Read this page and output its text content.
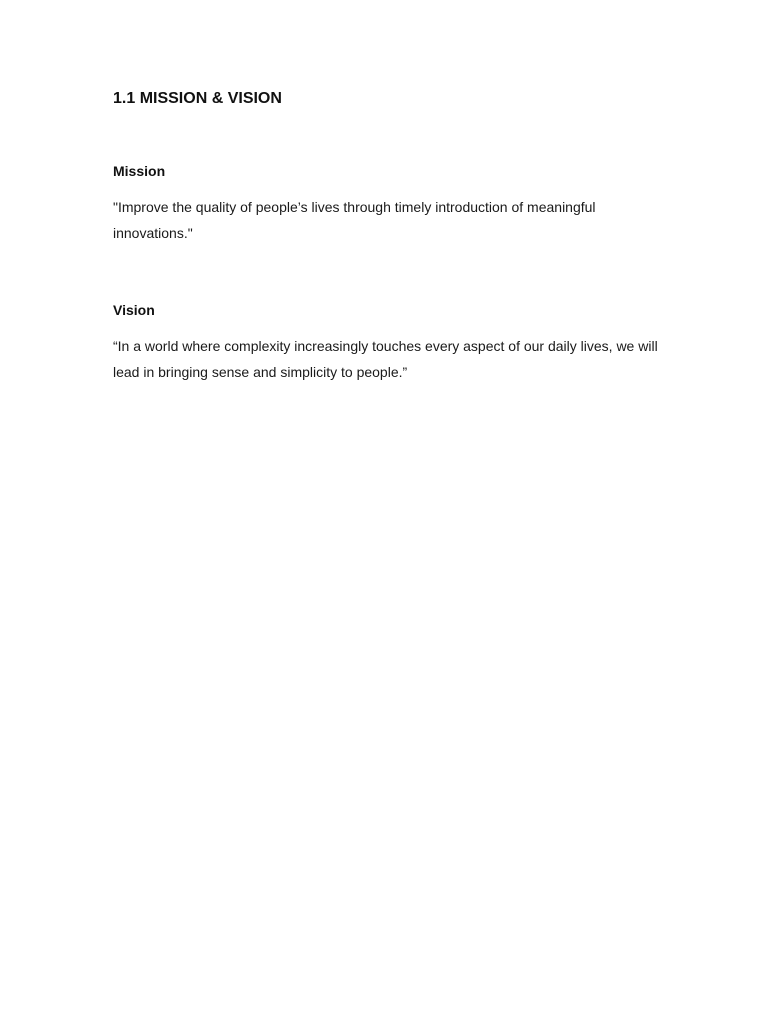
1.1 MISSION & VISION
Mission

"Improve the quality of people’s lives through timely introduction of meaningful innovations."

Vision

“In a world where complexity increasingly touches every aspect of our daily lives, we will lead in bringing sense and simplicity to people.”
